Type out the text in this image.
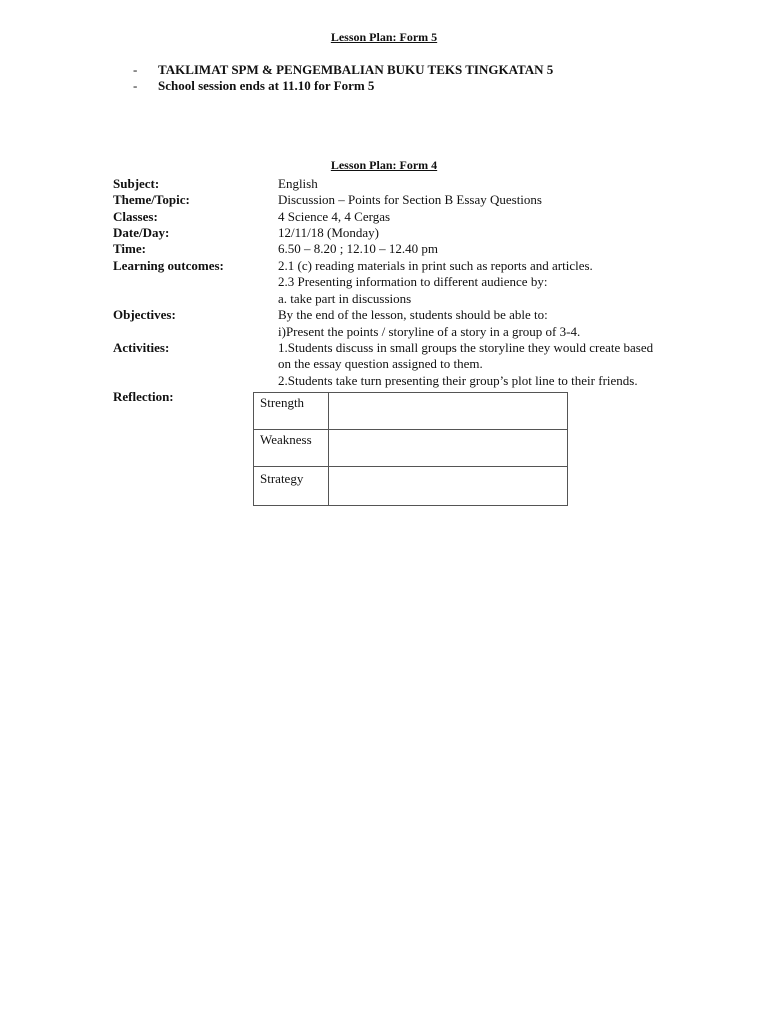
Lesson Plan: Form 5
- TAKLIMAT SPM & PENGEMBALIAN BUKU TEKS TINGKATAN 5
- School session ends at 11.10 for Form 5
Lesson Plan: Form 4
Subject:	English
Theme/Topic:	Discussion – Points for Section B Essay Questions
Classes:	4 Science 4, 4 Cergas
Date/Day:	12/11/18 (Monday)
Time:	6.50 – 8.20 ; 12.10 – 12.40 pm
Learning outcomes:	2.1 (c) reading materials in print such as reports and articles.
2.3 Presenting information to different audience by:
a. take part in discussions
Objectives:	By the end of the lesson, students should be able to:
i)Present the points / storyline of a story in a group of 3-4.
Activities:	1.Students discuss in small groups the storyline they would create based
on the essay question assigned to them.
2.Students take turn presenting their group’s plot line to their friends.
Reflection:	Strength	
Weakness	
Strategy	
